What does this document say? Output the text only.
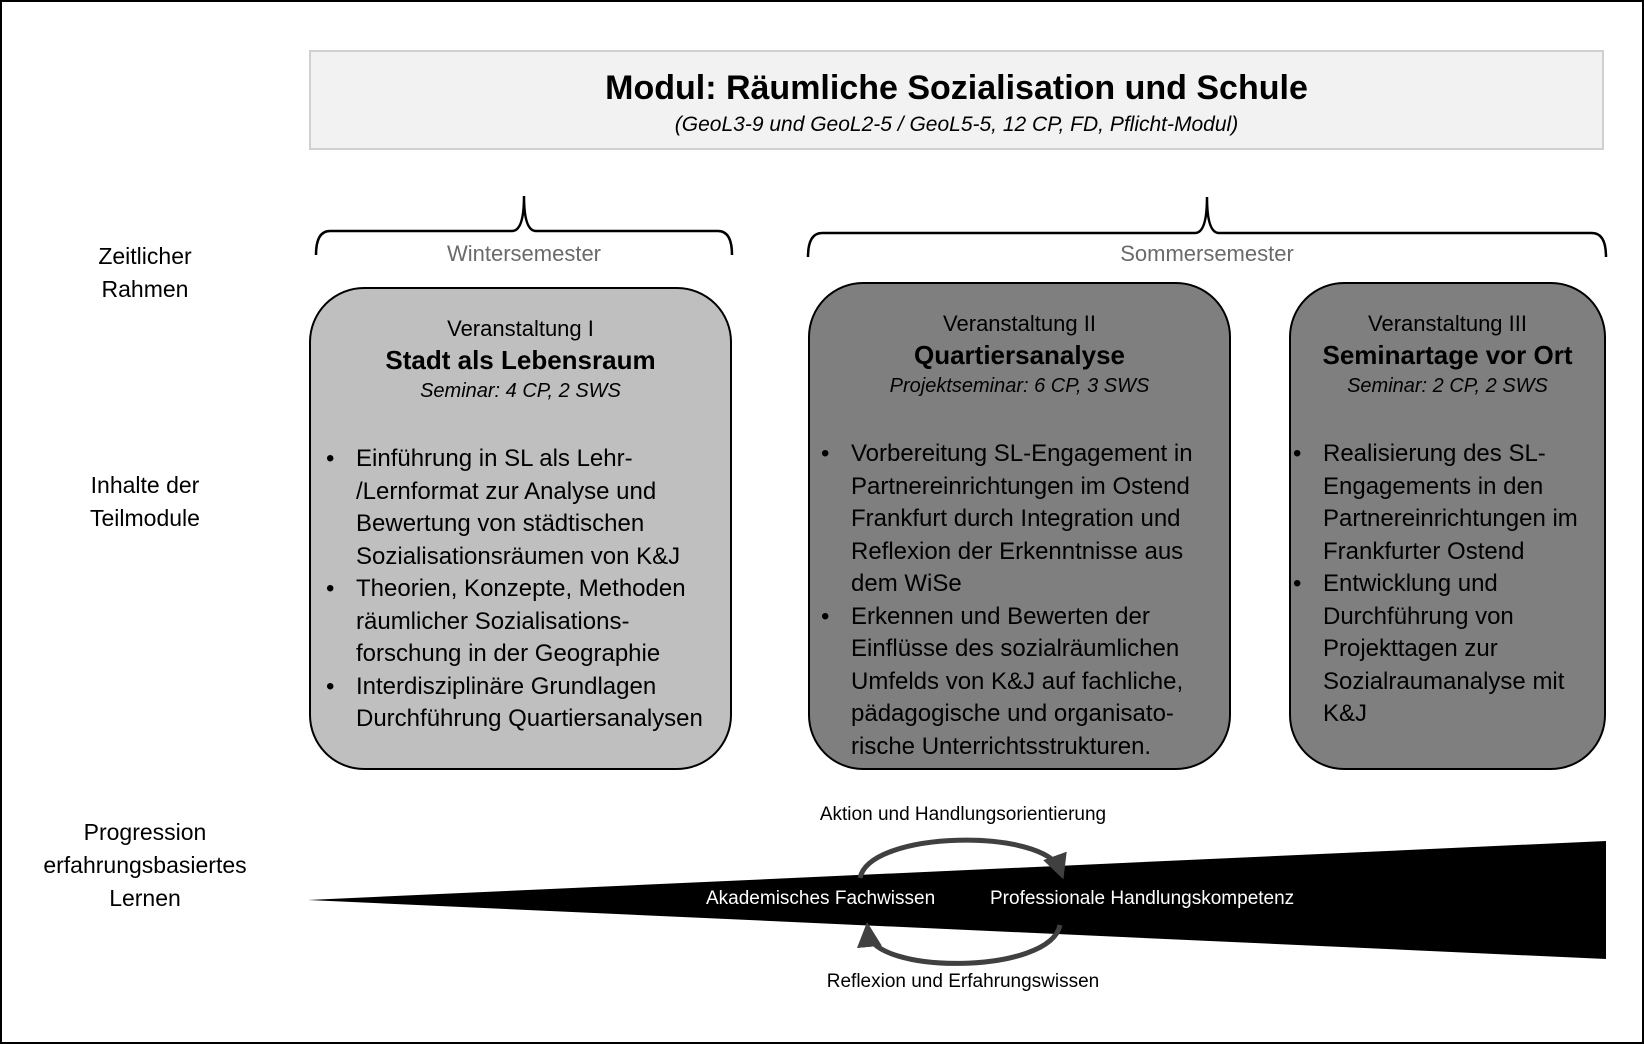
Modul: Räumliche Sozialisation und Schule
(GeoL3-9 und GeoL2-5 / GeoL5-5, 12 CP, FD, Pflicht-Modul)
Zeitlicher
Rahmen
Inhalte der
Teilmodule
Progression
erfahrungsbasiertes
Lernen
Wintersemester	Sommersemester
Veranstaltung I
Stadt als Lebensraum
Seminar: 4 CP, 2 SWS
• Einführung in SL als Lehr-
/Lernformat zur Analyse und
Bewertung von städtischen
Sozialisationsräumen von K&J
• Theorien, Konzepte, Methoden
räumlicher Sozialisations-
forschung in der Geographie
• Interdisziplinäre Grundlagen
Durchführung Quartiersanalysen
Veranstaltung II
Quartiersanalyse
Projektseminar: 6 CP, 3 SWS
• Vorbereitung SL-Engagement in
Partnereinrichtungen im Ostend
Frankfurt durch Integration und
Reflexion der Erkenntnisse aus
dem WiSe
• Erkennen und Bewerten der
Einflüsse des sozialräumlichen
Umfelds von K&J auf fachliche,
pädagogische und organisato-
rische Unterrichtsstrukturen.
Veranstaltung III
Seminartage vor Ort
Seminar: 2 CP, 2 SWS
• Realisierung des SL-
Engagements in den
Partnereinrichtungen im
Frankfurter Ostend
• Entwicklung und
Durchführung von
Projekttagen zur
Sozialraumanalyse mit
K&J
Aktion und Handlungsorientierung
Reflexion und Erfahrungswissen
Akademisches Fachwissen	Professionale Handlungskompetenz
